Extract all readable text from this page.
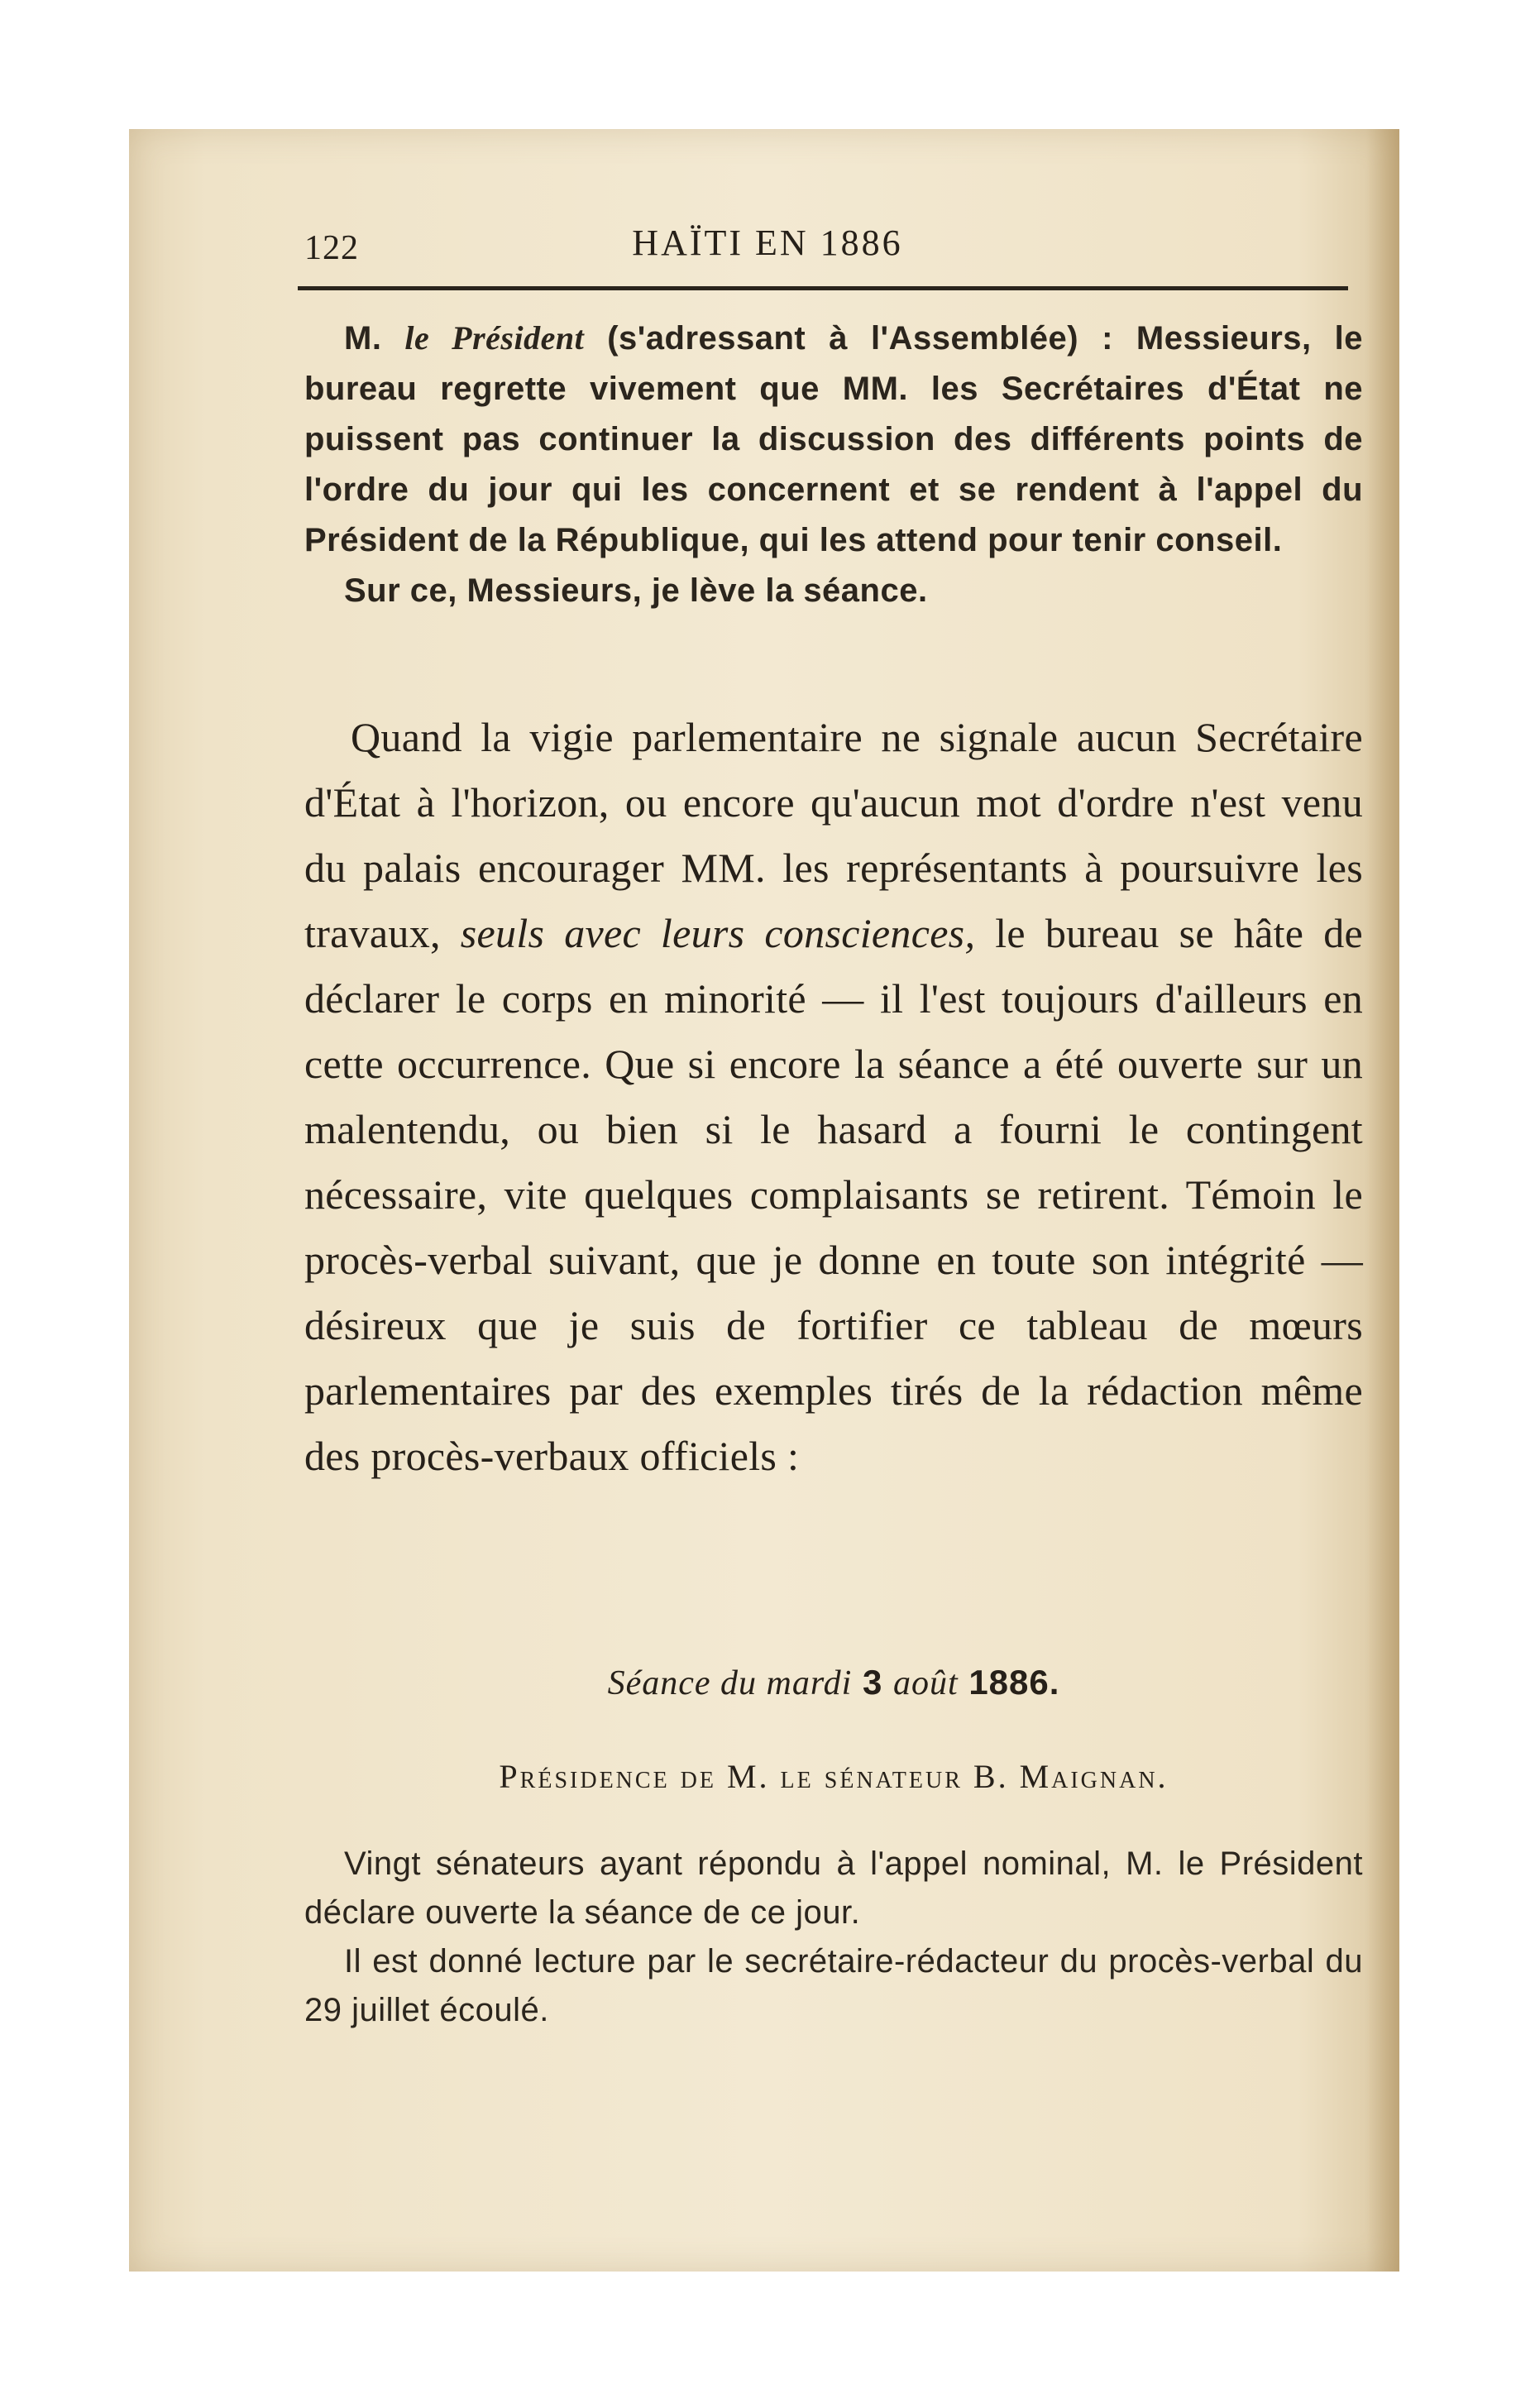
122	HAÏTI EN 1886

M. le Président (s'adressant à l'Assemblée) : Messieurs, le bureau regrette vivement que MM. les Secrétaires d'État ne puissent pas continuer la discussion des différents points de l'ordre du jour qui les concernent et se rendent à l'appel du Président de la République, qui les attend pour tenir conseil.

Sur ce, Messieurs, je lève la séance.

Quand la vigie parlementaire ne signale aucun Secrétaire d'État à l'horizon, ou encore qu'aucun mot d'ordre n'est venu du palais encourager MM. les représentants à poursuivre les travaux, seuls avec leurs consciences, le bureau se hâte de déclarer le corps en minorité — il l'est toujours d'ailleurs en cette occurrence. Que si encore la séance a été ouverte sur un malentendu, ou bien si le hasard a fourni le contingent nécessaire, vite quelques complaisants se retirent. Témoin le procès-verbal suivant, que je donne en toute son intégrité — désireux que je suis de fortifier ce tableau de mœurs parlementaires par des exemples tirés de la rédaction même des procès-verbaux officiels :

Séance du mardi 3 août 1886.
Présidence de M. le sénateur B. Maignan.

Vingt sénateurs ayant répondu à l'appel nominal, M. le Président déclare ouverte la séance de ce jour.

Il est donné lecture par le secrétaire-rédacteur du procès-verbal du 29 juillet écoulé.
